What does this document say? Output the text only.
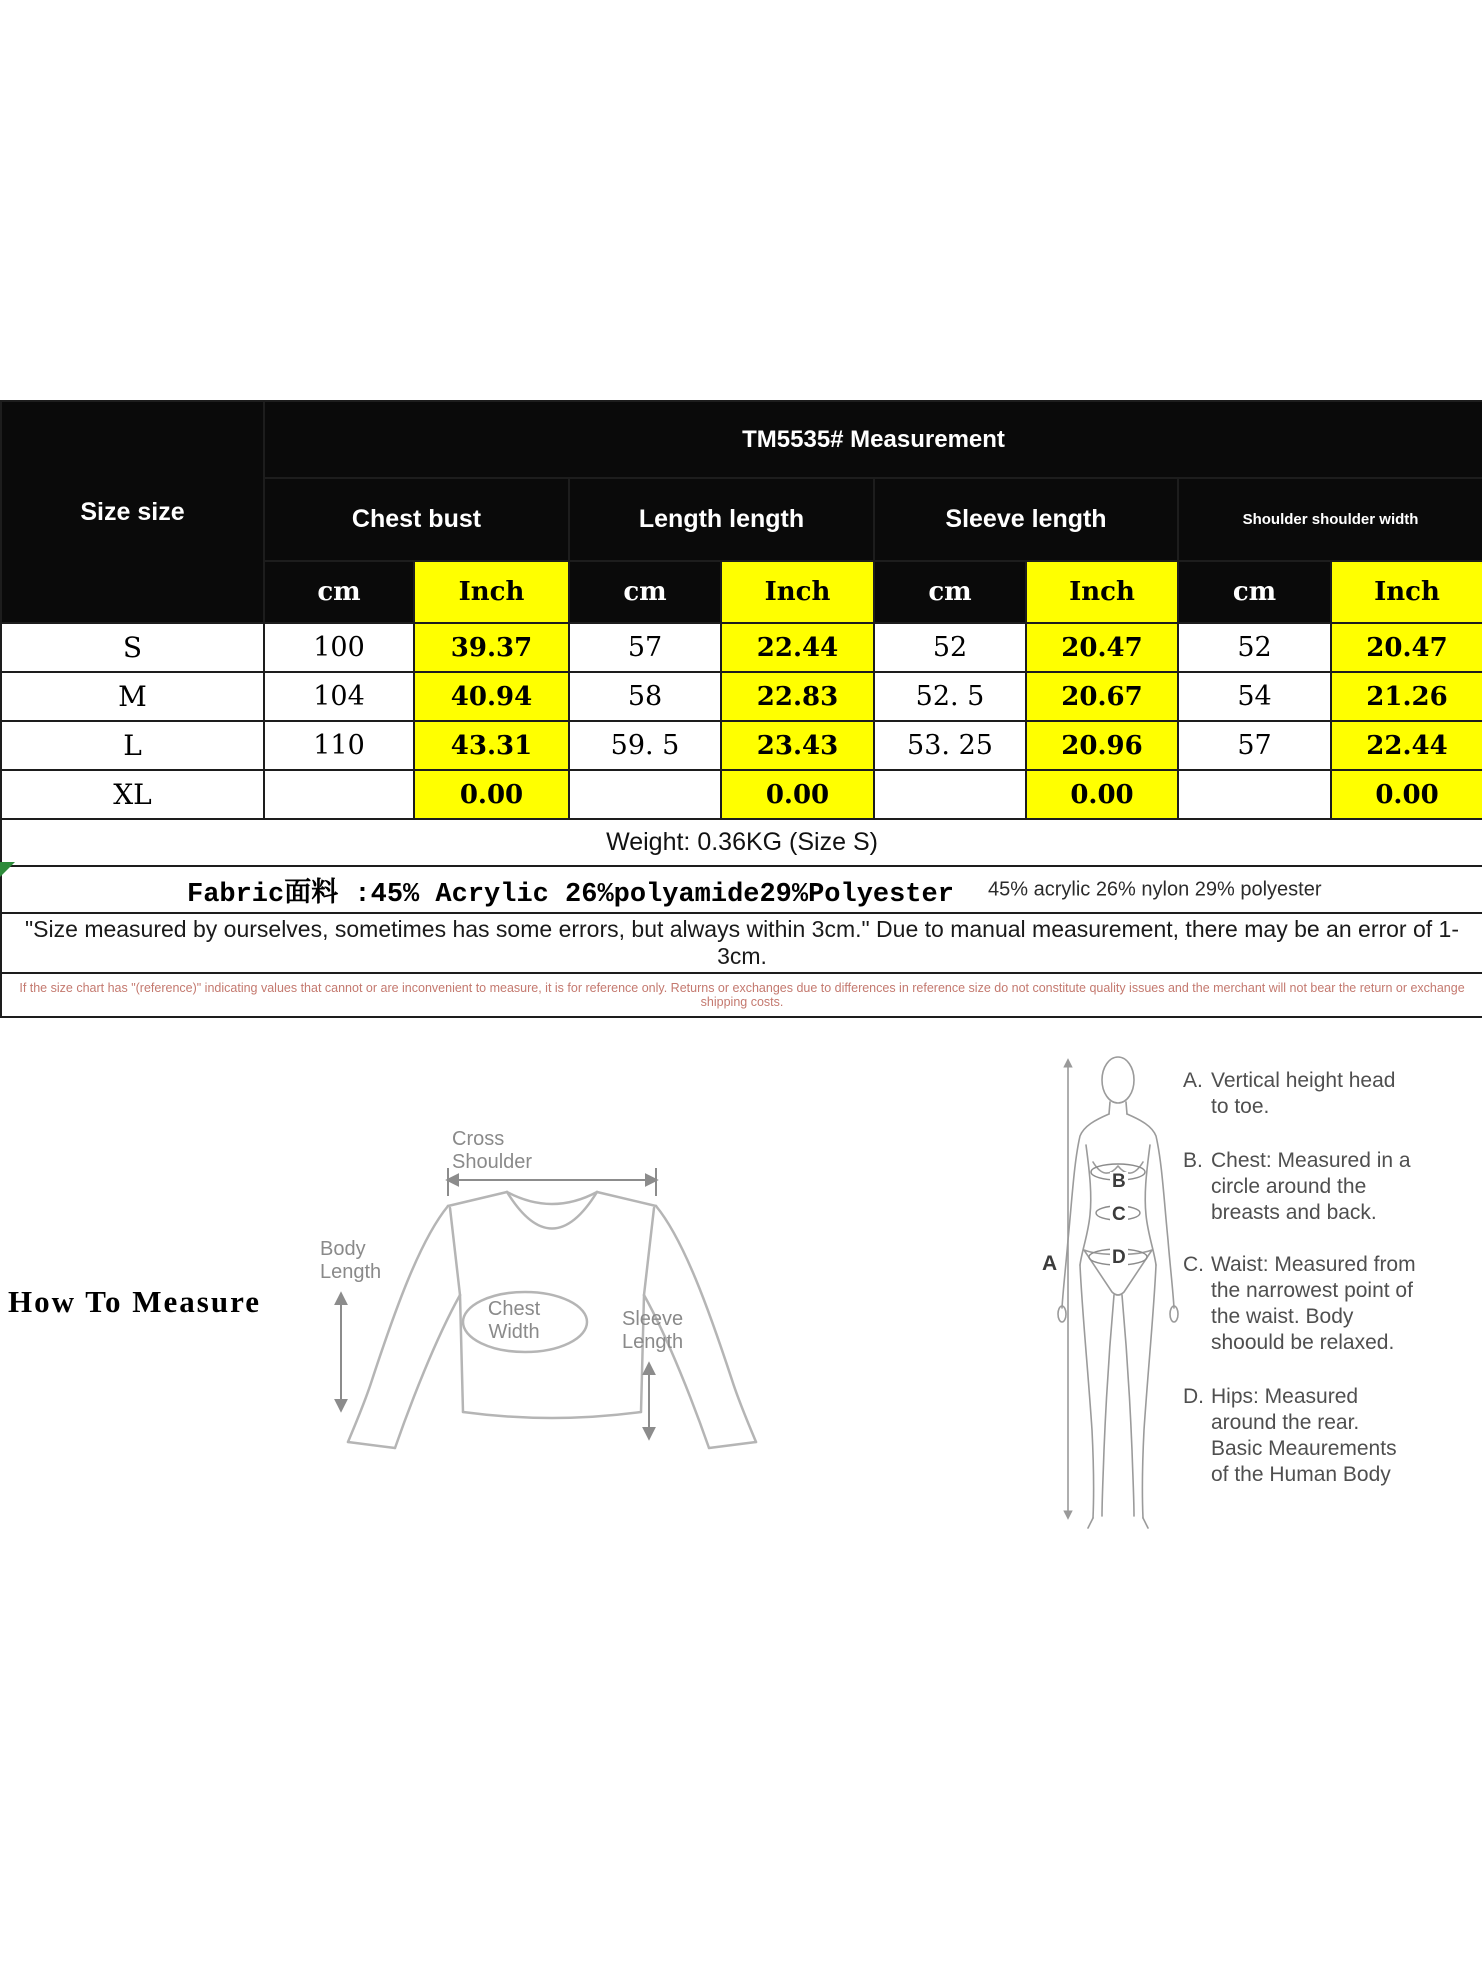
Size size	TM5535# Measurement							
	Chest bust		Length length		Sleeve length		Shoulder shoulder width	
	cm	Inch	cm	Inch	cm	Inch	cm	Inch
S	100	39.37	57	22.44	52	20.47	52	20.47
M	104	40.94	58	22.83	52. 5	20.67	54	21.26
L	110	43.31	59. 5	23.43	53. 25	20.96	57	22.44
XL		0.00		0.00		0.00		0.00
Weight: 0.36KG (Size S)								

Fabric面料 :45% Acrylic 26%polyamide29%Polyester 45% acrylic 26% nylon 29% polyester								

"Size measured by ourselves, sometimes has some errors, but always within 3cm." Due to manual measurement, there may be an error of 1-3cm.								
If the size chart has "(reference)" indicating values that cannot or are inconvenient to measure, it is for reference only. Returns or exchanges due to differences in reference size do not constitute quality issues and the merchant will not bear the return or exchange shipping costs.								
How To Measure
Cross
Shoulder
Body
Length
Chest
Width
Sleeve
Length
A
B
C
D
A. Vertical height head to toe.
B. Chest: Measured in a circle around the breasts and back.
C. Waist: Measured from the narrowest point of the waist. Body shoould be relaxed.
D. Hips: Measured around the rear. Basic Meaurements of the Human Body
